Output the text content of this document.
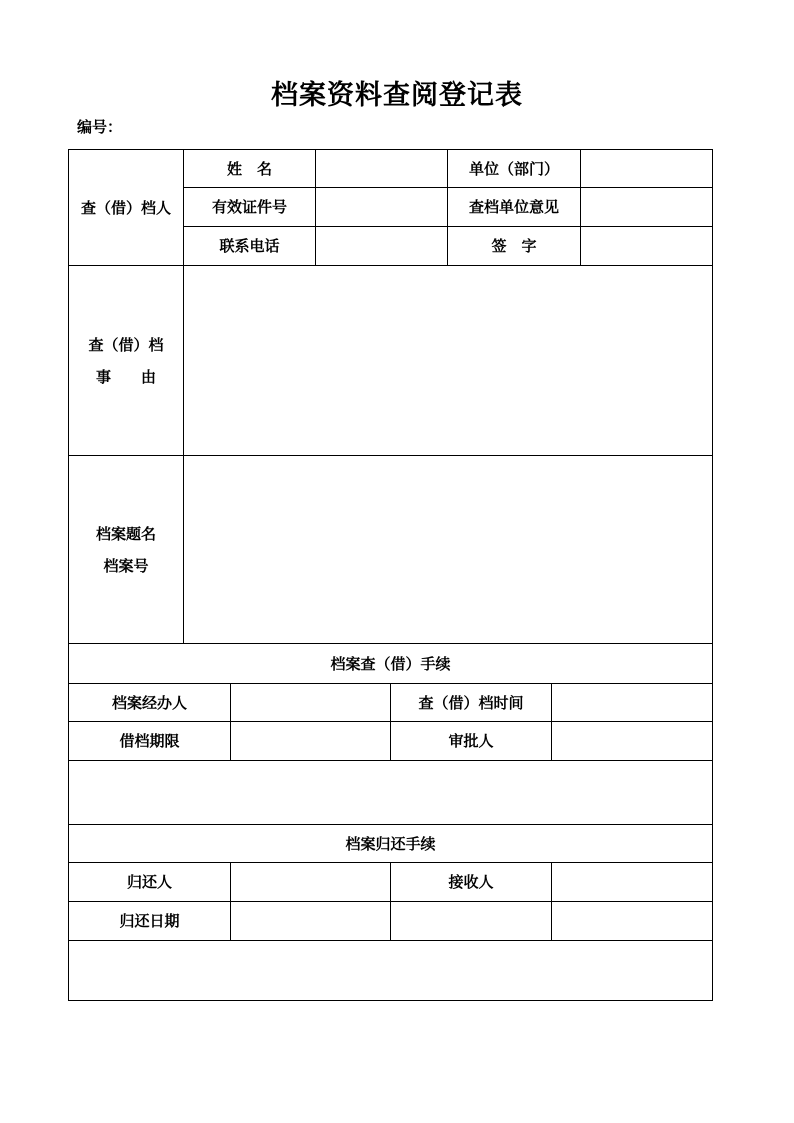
档案资料查阅登记表
编号：
查（借）档人
姓　名	单位（部门）
有效证件号	查档单位意见
联系电话	签　字
查（借）档
事　　由
档案题名
档案号
档案查（借）手续
档案经办人	查（借）档时间
借档期限	审批人
档案归还手续
归还人	接收人
归还日期
